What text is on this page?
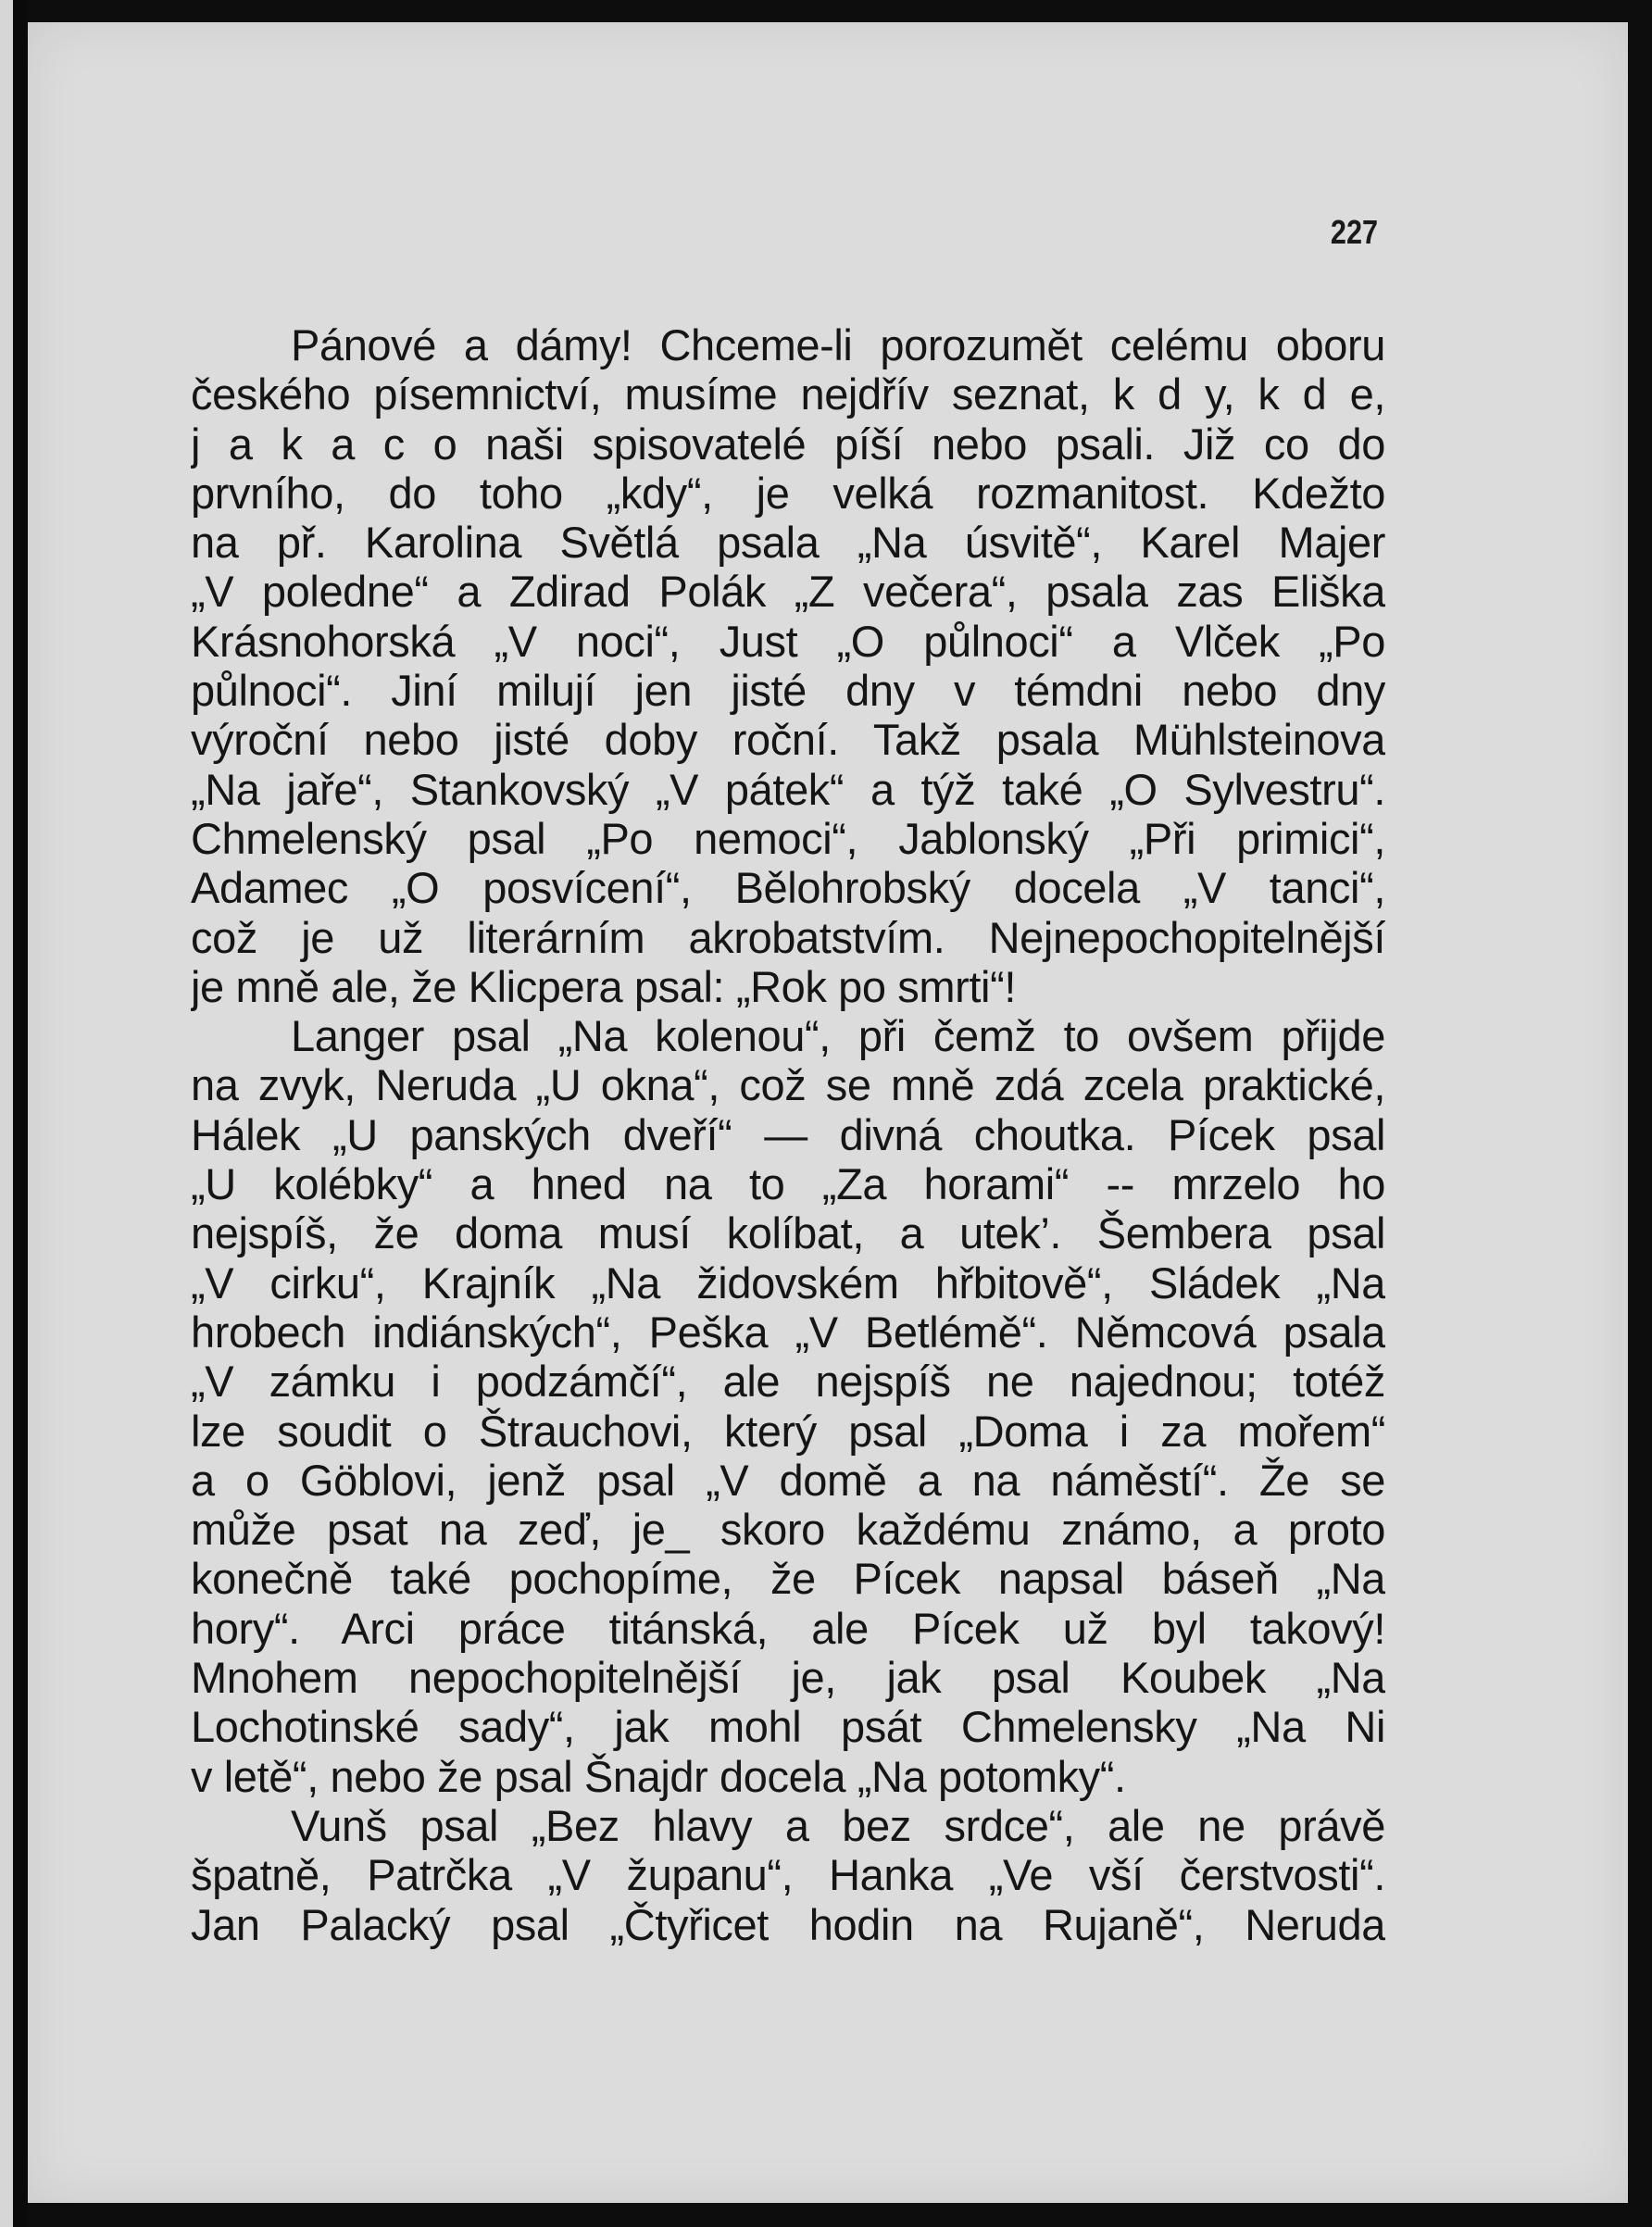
227
Pánové a dámy! Chceme-li porozumět celému oboru
českého písemnictví, musíme nejdřív seznat, k d y, k d e,
j a k a c o naši spisovatelé píší nebo psali. Již co do
prvního, do toho „kdy“, je velká rozmanitost. Kdežto
na př. Karolina Světlá psala „Na úsvitě“, Karel Majer
„V poledne“ a Zdirad Polák „Z večera“, psala zas Eliška
Krásnohorská „V noci“, Just „O půlnoci“ a Vlček „Po
půlnoci“. Jiní milují jen jisté dny v témdni nebo dny
výroční nebo jisté doby roční. Takž psala Mühlsteinova
„Na jaře“, Stankovský „V pátek“ a týž také „O Sylvestru“.
Chmelenský psal „Po nemoci“, Jablonský „Při primici“,
Adamec „O posvícení“, Bělohrobský docela „V tanci“,
což je už literárním akrobatstvím. Nejnepochopitelnější
je mně ale, že Klicpera psal: „Rok po smrti“!
Langer psal „Na kolenou“, při čemž to ovšem přijde
na zvyk, Neruda „U okna“, což se mně zdá zcela praktické,
Hálek „U panských dveří“ — divná choutka. Pícek psal
„U kolébky“ a hned na to „Za horami“ -- mrzelo ho
nejspíš, že doma musí kolíbat, a utek’. Šembera psal
„V cirku“, Krajník „Na židovském hřbitově“, Sládek „Na
hrobech indiánských“, Peška „V Betlémě“. Němcová psala
„V zámku i podzámčí“, ale nejspíš ne najednou; totéž
lze soudit o Štrauchovi, který psal „Doma i za mořem“
a o Göblovi, jenž psal „V domě a na náměstí“. Že se
může psat na zeď, je_ skoro každému známo, a proto
konečně také pochopíme, že Pícek napsal báseň „Na
hory“. Arci práce titánská, ale Pícek už byl takový!
Mnohem nepochopitelnější je, jak psal Koubek „Na
Lochotinské sady“, jak mohl psát Chmelensky „Na Ni
v letě“, nebo že psal Šnajdr docela „Na potomky“.
Vunš psal „Bez hlavy a bez srdce“, ale ne právě
špatně, Patrčka „V županu“, Hanka „Ve vší čerstvosti“.
Jan Palacký psal „Čtyřicet hodin na Rujaně“, Neruda
